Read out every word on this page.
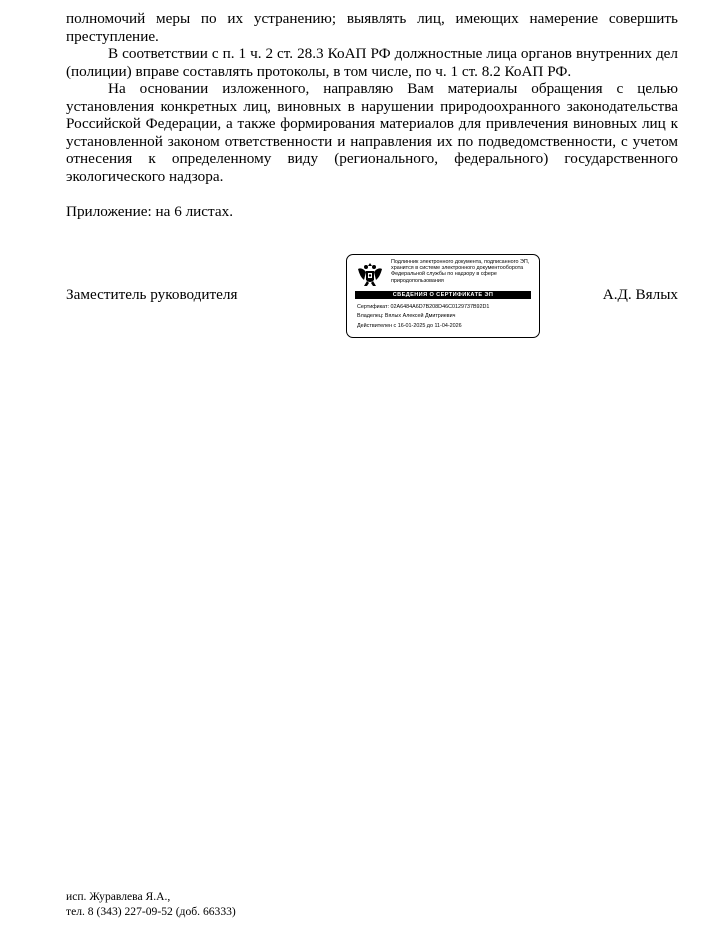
полномочий меры по их устранению; выявлять лиц, имеющих намерение совершить преступление.

В соответствии с п. 1 ч. 2 ст. 28.3 КоАП РФ должностные лица органов внутренних дел (полиции) вправе составлять протоколы, в том числе, по ч. 1 ст. 8.2 КоАП РФ.

На основании изложенного, направляю Вам материалы обращения с целью установления конкретных лиц, виновных в нарушении природоохранного законодательства Российской Федерации, а также формирования материалов для привлечения виновных лиц к установленной законом ответственности и направления их по подведомственности, с учетом отнесения к определенному виду (регионального, федерального) государственного экологического надзора.

Приложение: на 6 листах.

Заместитель руководителя	А.Д. Вялых
Подлинник электронного документа, подписанного ЭП, хранится в системе электронного документооборота Федеральной службы по надзору в сфере природопользования
СВЕДЕНИЯ О СЕРТИФИКАТЕ ЭП
Сертификат: 02A6484A6D7B208D46C0129737B92D1
Владелец: Вялых Алексей Дмитриевич
Действителен с 16-01-2025 до 11-04-2026
исп. Журавлева Я.А.,
тел. 8 (343) 227-09-52 (доб. 66333)
